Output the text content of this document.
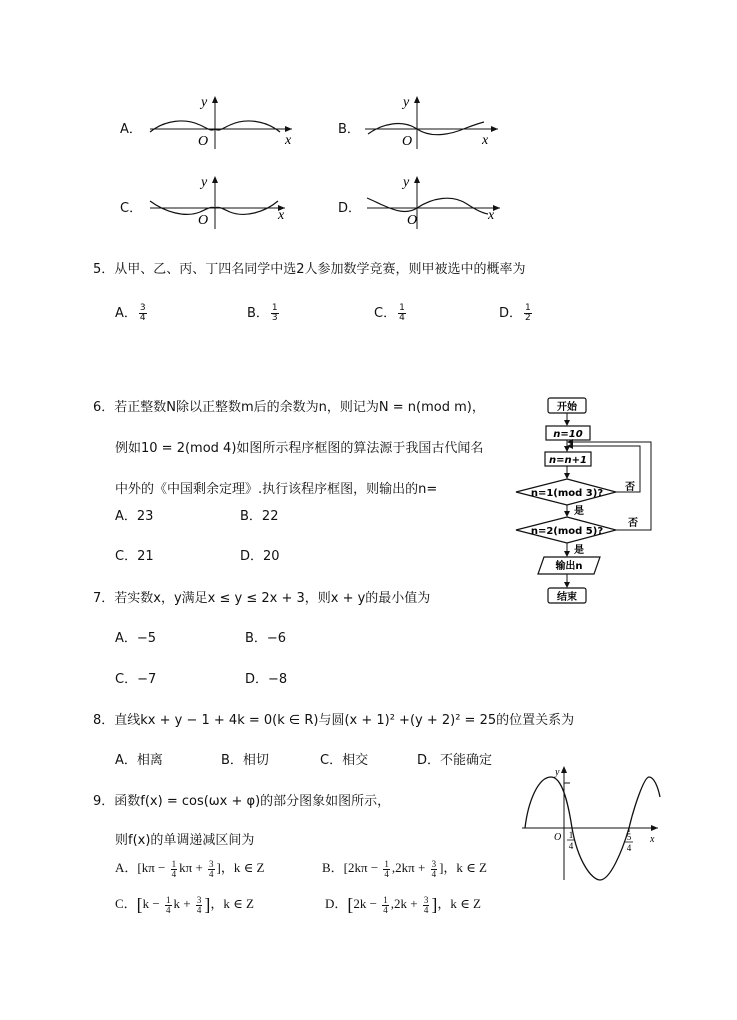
A．
y
x
O
B．
y
x
O
C．
y
x
O
D．
y
x
O
5．从甲、乙、丙、丁四名同学中选2人参加数学竞赛，则甲被选中的概率为
A． $\frac{3}{4}$	B． $\frac{1}{3}$	C． $\frac{1}{4}$	D． $\frac{1}{2}$
6．若正整数N除以正整数m后的余数为n，则记为N = n(mod m)，
例如10 = 2(mod 4)如图所示程序框图的算法源于我国古代闻名
中外的《中国剩余定理》.执行该程序框图，则输出的n=
A．23	B．22
C．21	D．20
开始
n=10
n=n+1
n=1(mod 3)?
否
是
n=2(mod 5)?
否
是
输出n
结束
7．若实数x，y满足x ≤ y ≤ 2x + 3，则x + y的最小值为
A．−5	B．−6
C．−7	D．−8
8．直线kx + y − 1 + 4k = 0(k ∈ R)与圆(x + 1)² +(y + 2)² = 25的位置关系为
A．相离	B．相切	C．相交	D．不能确定
9．函数f(x) = cos(ωx + φ)的部分图象如图所示，
则f(x)的单调递减区间为
A．[$k\pi - \frac{1}{4}$ $k\pi + \frac{3}{4}$ ]，k ∈ Z	B．[$2k\pi - \frac{1}{4} ,2k\pi + \frac{3}{4}$ ]，k ∈ Z
C．[$k - \frac{1}{4}$ $k + \frac{3}{4}$ ]，k ∈ Z	D．[$2k - \frac{1}{4} ,2k + \frac{3}{4}$ ]，k ∈ Z
y
x
O 1
4
5
4
